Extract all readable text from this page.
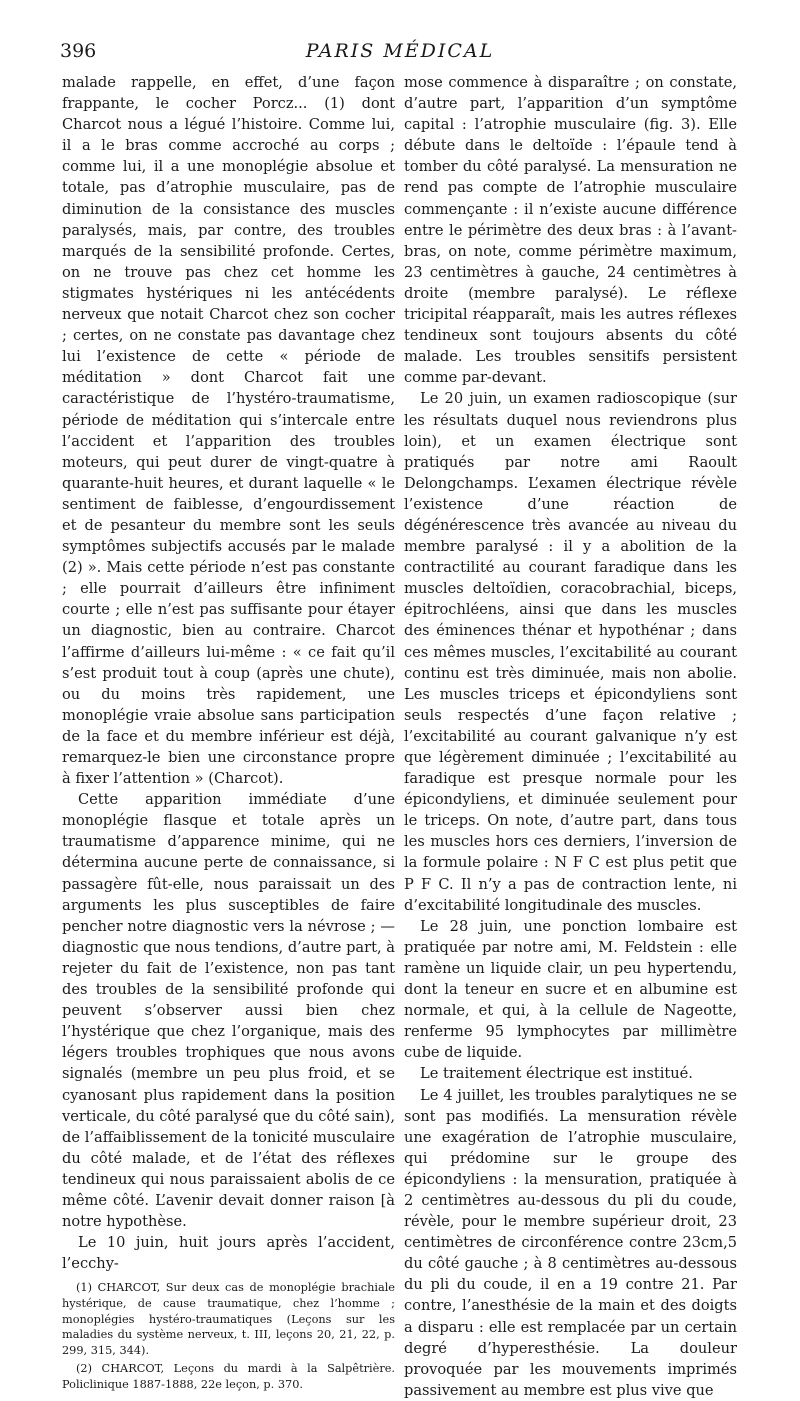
396	PARIS MÉDICAL

malade rappelle, en effet, d’une façon frappante, le cocher Porcz... (1) dont Charcot nous a légué l’histoire. Comme lui, il a le bras comme accroché au corps ; comme lui, il a une monoplégie absolue et totale, pas d’atrophie musculaire, pas de diminution de la consistance des muscles paralysés, mais, par contre, des troubles marqués de la sensibilité profonde. Certes, on ne trouve pas chez cet homme les stigmates hystériques ni les antécédents nerveux que notait Charcot chez son cocher ; certes, on ne constate pas davantage chez lui l’existence de cette « période de méditation » dont Charcot fait une caractéristique de l’hystéro-traumatisme, période de méditation qui s’intercale entre l’accident et l’apparition des troubles moteurs, qui peut durer de vingt-quatre à quarante-huit heures, et durant laquelle « le sentiment de faiblesse, d’engourdissement et de pesanteur du membre sont les seuls symptômes subjectifs accusés par le malade (2) ». Mais cette période n’est pas constante ; elle pourrait d’ailleurs être infiniment courte ; elle n’est pas suffisante pour étayer un diagnostic, bien au contraire. Charcot l’affirme d’ailleurs lui-même : « ce fait qu’il s’est produit tout à coup (après une chute), ou du moins très rapidement, une monoplégie vraie absolue sans participation de la face et du membre inférieur est déjà, remarquez-le bien une circonstance propre à fixer l’attention » (Charcot).

Cette apparition immédiate d’une monoplégie flasque et totale après un traumatisme d’apparence minime, qui ne détermina aucune perte de connaissance, si passagère fût-elle, nous paraissait un des arguments les plus susceptibles de faire pencher notre diagnostic vers la névrose ; — diagnostic que nous tendions, d’autre part, à rejeter du fait de l’existence, non pas tant des troubles de la sensibilité profonde qui peuvent s’observer aussi bien chez l’hystérique que chez l’organique, mais des légers troubles trophiques que nous avons signalés (membre un peu plus froid, et se cyanosant plus rapidement dans la position verticale, du côté paralysé que du côté sain), de l’affaiblissement de la tonicité musculaire du côté malade, et de l’état des réflexes tendineux qui nous paraissaient abolis de ce même côté. L’avenir devait donner raison [à notre hypothèse.

Le 10 juin, huit jours après l’accident, l’ecchy-

(1) CHARCOT, Sur deux cas de monoplégie brachiale hystérique, de cause traumatique, chez l’homme ; monoplégies hystéro-traumatiques (Leçons sur les maladies du système nerveux, t. III, leçons 20, 21, 22, p. 299, 315, 344).

(2) CHARCOT, Leçons du mardi à la Salpêtrière. Policlinique 1887-1888, 22e leçon, p. 370.

mose commence à disparaître ; on constate, d’autre part, l’apparition d’un symptôme capital : l’atrophie musculaire (fig. 3). Elle débute dans le deltoïde : l’épaule tend à tomber du côté paralysé. La mensuration ne rend pas compte de l’atrophie musculaire commençante : il n’existe aucune différence entre le périmètre des deux bras : à l’avant-bras, on note, comme périmètre maximum, 23 centimètres à gauche, 24 centimètres à droite (membre paralysé). Le réflexe tricipital réapparaît, mais les autres réflexes tendineux sont toujours absents du côté malade. Les troubles sensitifs persistent comme par-devant.

Le 20 juin, un examen radioscopique (sur les résultats duquel nous reviendrons plus loin), et un examen électrique sont pratiqués par notre ami Raoult Delongchamps. L’examen électrique révèle l’existence d’une réaction de dégénérescence très avancée au niveau du membre paralysé : il y a abolition de la contractilité au courant faradique dans les muscles deltoïdien, coracobrachial, biceps, épitrochléens, ainsi que dans les muscles des éminences thénar et hypothénar ; dans ces mêmes muscles, l’excitabilité au courant continu est très diminuée, mais non abolie. Les muscles triceps et épicondyliens sont seuls respectés d’une façon relative ; l’excitabilité au courant galvanique n’y est que légèrement diminuée ; l’excitabilité au faradique est presque normale pour les épicondyliens, et diminuée seulement pour le triceps. On note, d’autre part, dans tous les muscles hors ces derniers, l’inversion de la formule polaire : N F C est plus petit que P F C. Il n’y a pas de contraction lente, ni d’excitabilité longitudinale des muscles.

Le 28 juin, une ponction lombaire est pratiquée par notre ami, M. Feldstein : elle ramène un liquide clair, un peu hypertendu, dont la teneur en sucre et en albumine est normale, et qui, à la cellule de Nageotte, renferme 95 lymphocytes par millimètre cube de liquide.

Le traitement électrique est institué.

Le 4 juillet, les troubles paralytiques ne se sont pas modifiés. La mensuration révèle une exagération de l’atrophie musculaire, qui prédomine sur le groupe des épicondyliens : la mensuration, pratiquée à 2 centimètres au-dessous du pli du coude, révèle, pour le membre supérieur droit, 23 centimètres de circonférence contre 23cm,5 du côté gauche ; à 8 centimètres au-dessous du pli du coude, il en a 19 contre 21. Par contre, l’anesthésie de la main et des doigts a disparu : elle est remplacée par un certain degré d’hyperesthésie. La douleur provoquée par les mouvements imprimés passivement au membre est plus vive que
